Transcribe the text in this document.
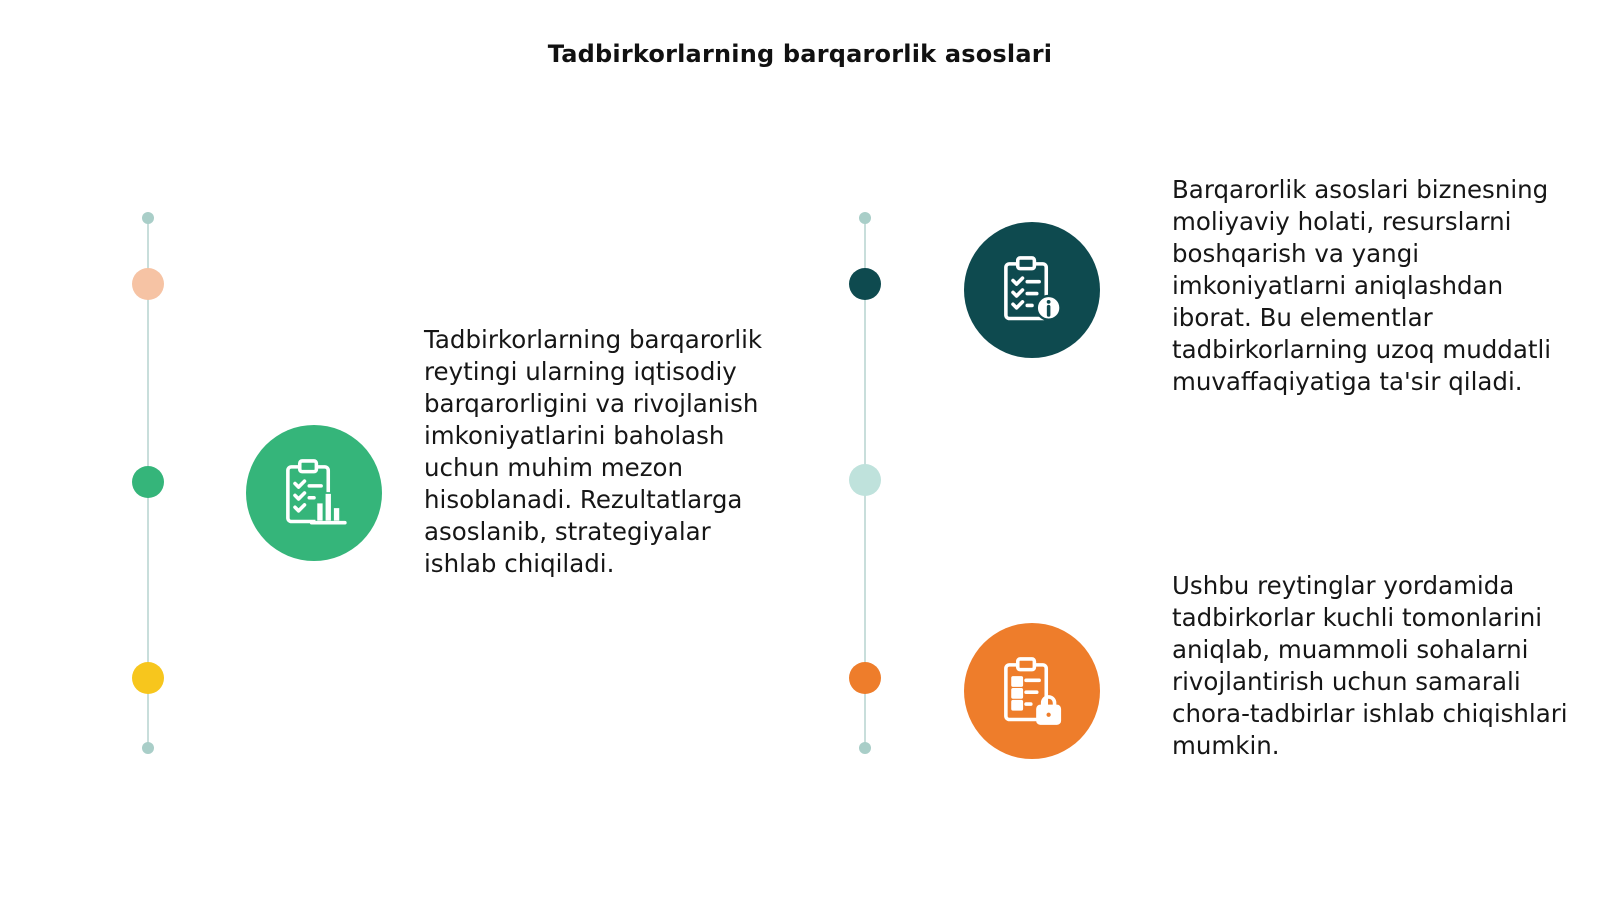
Tadbirkorlarning barqarorlik asoslari

Tadbirkorlarning barqarorlik reytingi ularning iqtisodiy barqarorligini va rivojlanish imkoniyatlarini baholash uchun muhim mezon hisoblanadi. Rezultatlarga asoslanib, strategiyalar ishlab chiqiladi.

Barqarorlik asoslari biznesning moliyaviy holati, resurslarni boshqarish va yangi imkoniyatlarni aniqlashdan iborat. Bu elementlar tadbirkorlarning uzoq muddatli muvaffaqiyatiga ta'sir qiladi.

Ushbu reytinglar yordamida tadbirkorlar kuchli tomonlarini aniqlab, muammoli sohalarni rivojlantirish uchun samarali chora-tadbirlar ishlab chiqishlari mumkin.
